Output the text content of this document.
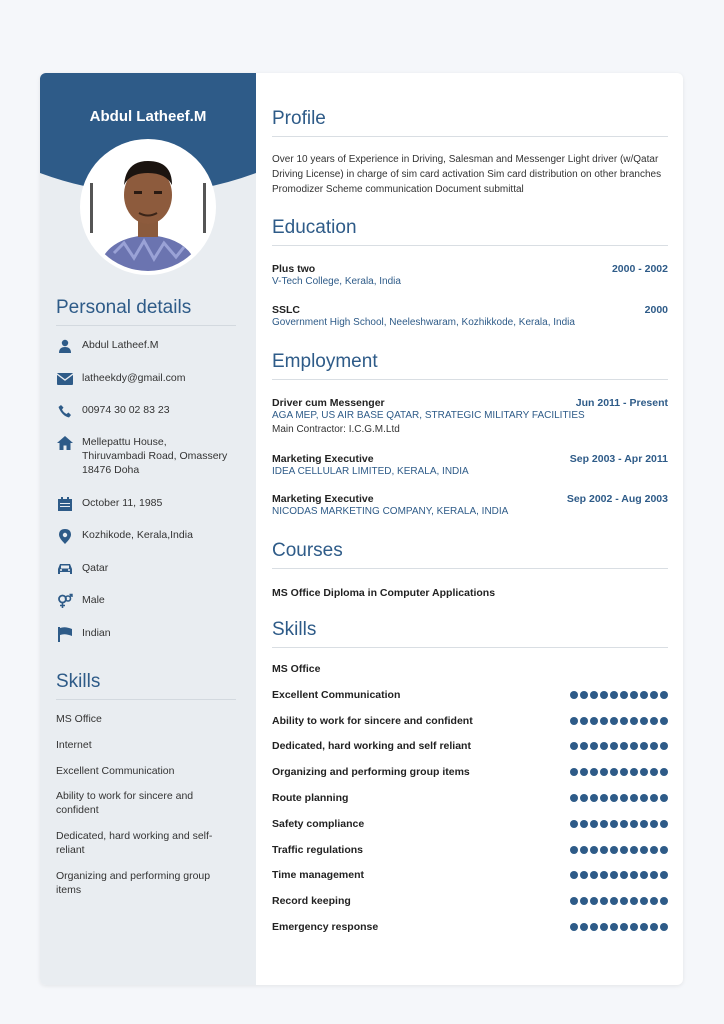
Abdul Latheef.M
Personal details
Abdul Latheef.M
latheekdy@gmail.com
00974 30 02 83 23
Mellepattu House, Thiruvambadi Road, Omassery 18476 Doha
October 11, 1985
Kozhikode, Kerala,India
Qatar
Male
Indian
Skills
MS Office
Internet
Excellent Communication
Ability to work for sincere and confident
Dedicated, hard working and self-reliant
Organizing and performing group items
Profile
Over 10 years of Experience in Driving, Salesman and Messenger Light driver (w/Qatar Driving License) in charge of sim card activation Sim card distribution on other branches Promodizer Scheme communication Document submittal
Education
Plus two	2000 - 2002
V-Tech College, Kerala, India
SSLC	2000
Government High School, Neeleshwaram, Kozhikkode, Kerala, India
Employment
Driver cum Messenger	Jun 2011 - Present
AGA MEP, US AIR BASE QATAR, STRATEGIC MILITARY FACILITIES
Main Contractor: I.C.G.M.Ltd
Marketing Executive	Sep 2003 - Apr 2011
IDEA CELLULAR LIMITED, KERALA, INDIA
Marketing Executive	Sep 2002 - Aug 2003
NICODAS MARKETING COMPANY, KERALA, INDIA
Courses
MS Office Diploma in Computer Applications
Skills
MS Office
Excellent Communication
Ability to work for sincere and confident
Dedicated, hard working and self reliant
Organizing and performing group items
Route planning
Safety compliance
Traffic regulations
Time management
Record keeping
Emergency response
